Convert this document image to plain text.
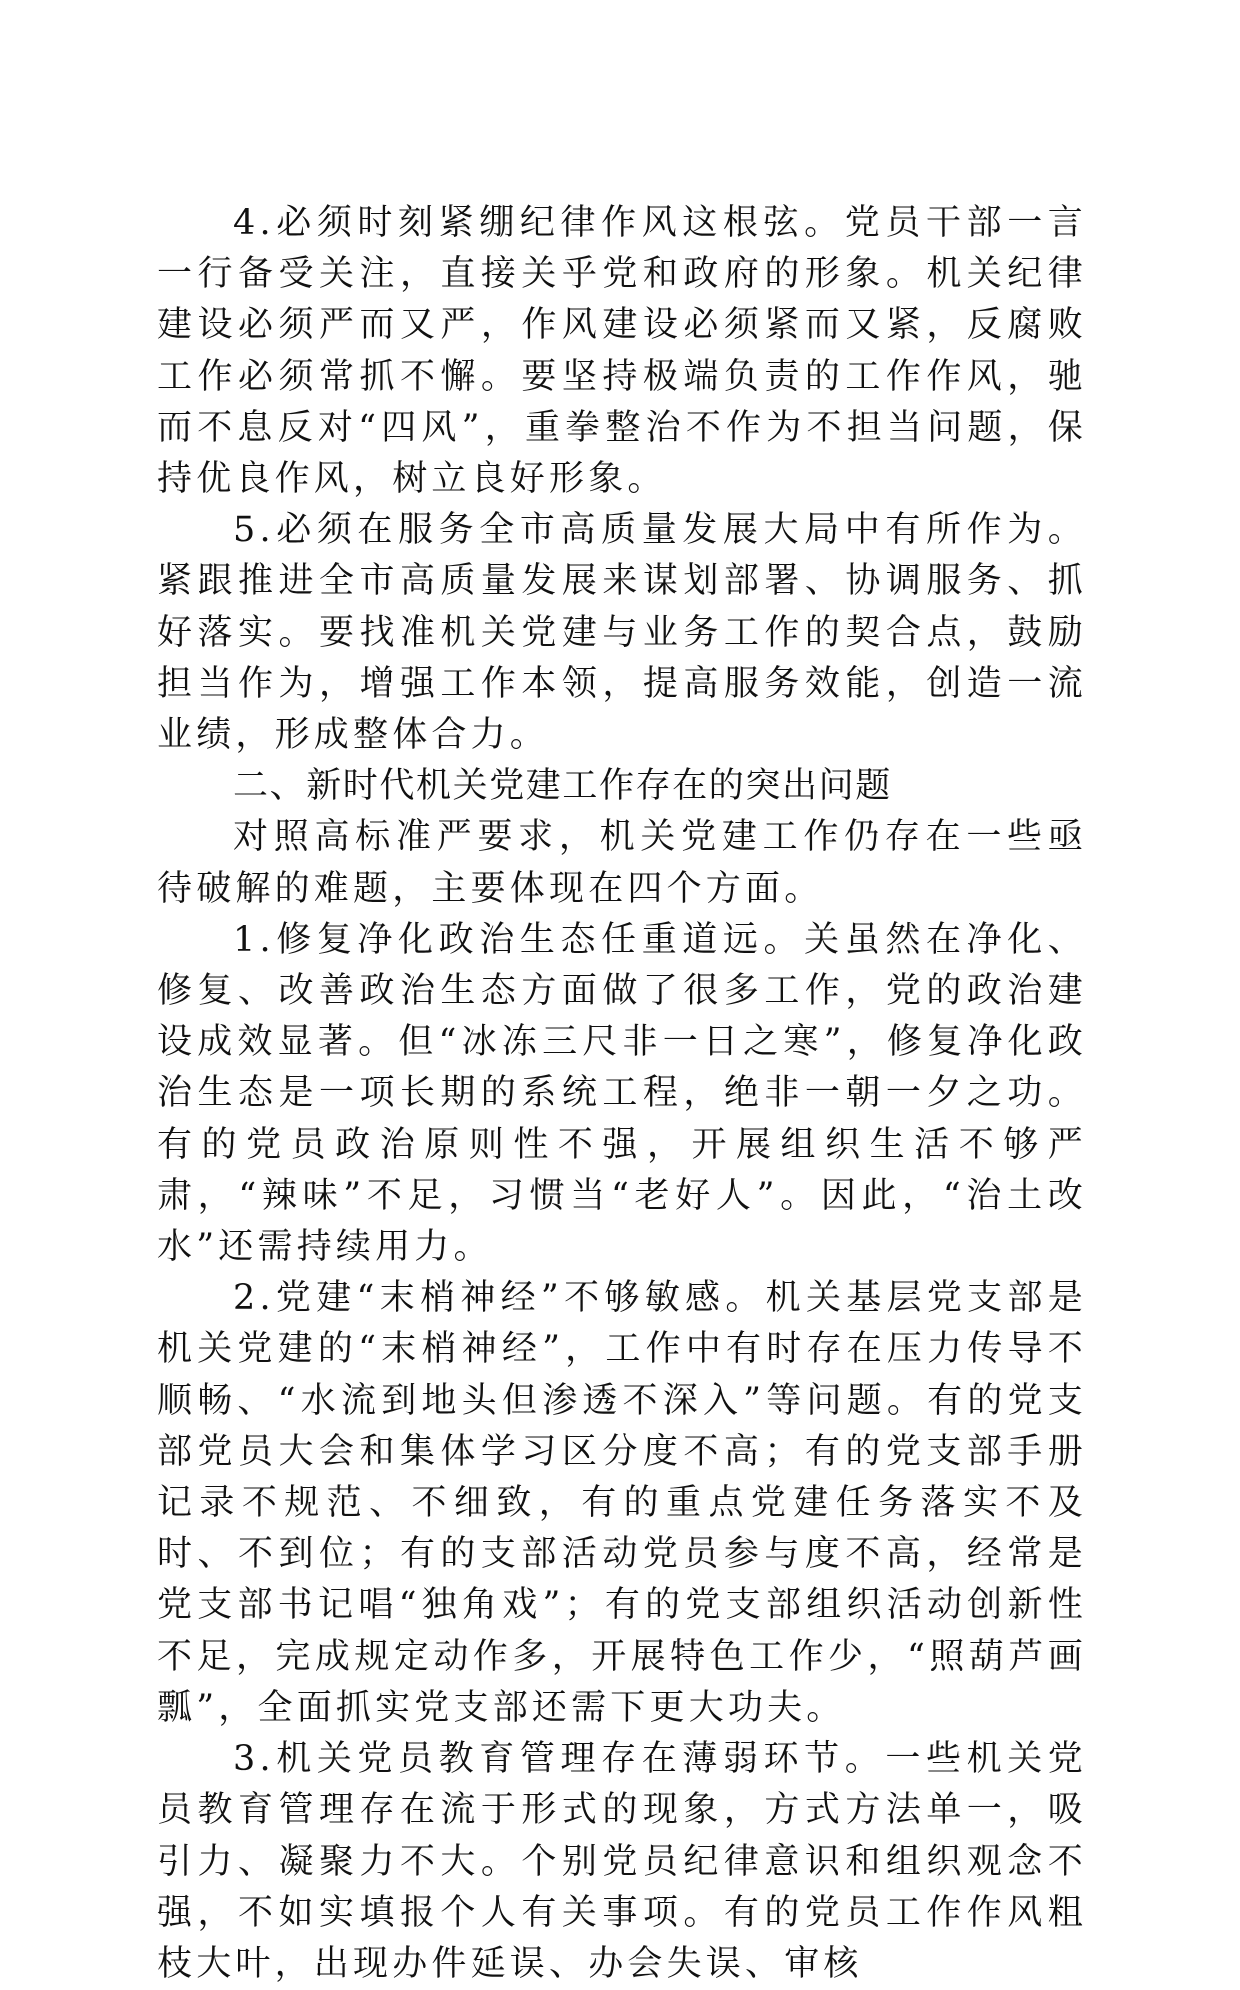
4.必须时刻紧绷纪律作风这根弦。党员干部一言一行备受关注，直接关乎党和政府的形象。机关纪律建设必须严而又严，作风建设必须紧而又紧，反腐败工作必须常抓不懈。要坚持极端负责的工作作风，驰而不息反对“四风”，重拳整治不作为不担当问题，保持优良作风，树立良好形象。

5.必须在服务全市高质量发展大局中有所作为。紧跟推进全市高质量发展来谋划部署、协调服务、抓好落实。要找准机关党建与业务工作的契合点，鼓励担当作为，增强工作本领，提高服务效能，创造一流业绩，形成整体合力。

二、新时代机关党建工作存在的突出问题

对照高标准严要求，机关党建工作仍存在一些亟待破解的难题，主要体现在四个方面。

1.修复净化政治生态任重道远。关虽然在净化、修复、改善政治生态方面做了很多工作，党的政治建设成效显著。但“冰冻三尺非一日之寒”，修复净化政治生态是一项长期的系统工程，绝非一朝一夕之功。有的党员政治原则性不强，开展组织生活不够严肃，“辣味”不足，习惯当“老好人”。因此，“治土改水”还需持续用力。

2.党建“末梢神经”不够敏感。机关基层党支部是机关党建的“末梢神经”，工作中有时存在压力传导不顺畅、“水流到地头但渗透不深入”等问题。有的党支部党员大会和集体学习区分度不高；有的党支部手册记录不规范、不细致，有的重点党建任务落实不及时、不到位；有的支部活动党员参与度不高，经常是党支部书记唱“独角戏”；有的党支部组织活动创新性不足，完成规定动作多，开展特色工作少，“照葫芦画瓢”，全面抓实党支部还需下更大功夫。

3.机关党员教育管理存在薄弱环节。一些机关党员教育管理存在流于形式的现象，方式方法单一，吸引力、凝聚力不大。个别党员纪律意识和组织观念不强，不如实填报个人有关事项。有的党员工作作风粗枝大叶，出现办件延误、办会失误、审核
